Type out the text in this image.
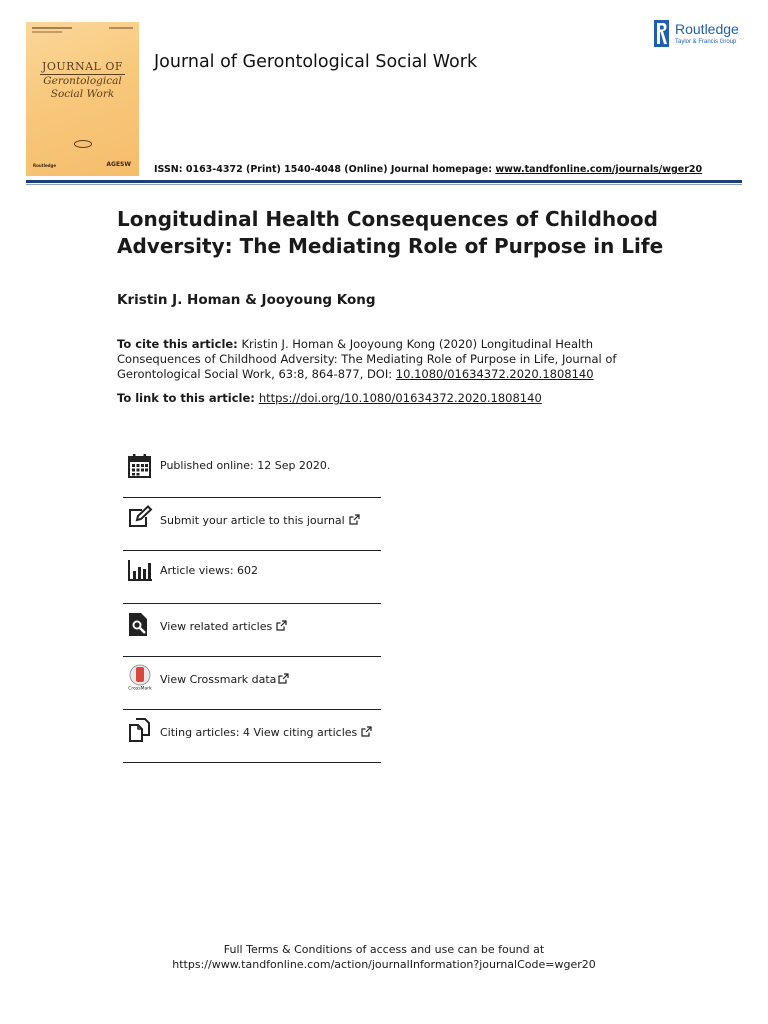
JOURNAL OF
Gerontological
Social Work
Routledge	AGESW
Journal of Gerontological Social Work
ISSN: 0163-4372 (Print) 1540-4048 (Online) Journal homepage: www.tandfonline.com/journals/wger20
Routledge
Taylor & Francis Group
Longitudinal Health Consequences of Childhood Adversity: The Mediating Role of Purpose in Life
Kristin J. Homan & Jooyoung Kong
To cite this article: Kristin J. Homan & Jooyoung Kong (2020) Longitudinal Health Consequences of Childhood Adversity: The Mediating Role of Purpose in Life, Journal of Gerontological Social Work, 63:8, 864-877, DOI: 10.1080/01634372.2020.1808140
To link to this article: https://doi.org/10.1080/01634372.2020.1808140
Published online: 12 Sep 2020.
Submit your article to this journal
Article views: 602
View related articles
CrossMark
View Crossmark data
Citing articles: 4 View citing articles
Full Terms & Conditions of access and use can be found at
https://www.tandfonline.com/action/journalInformation?journalCode=wger20
